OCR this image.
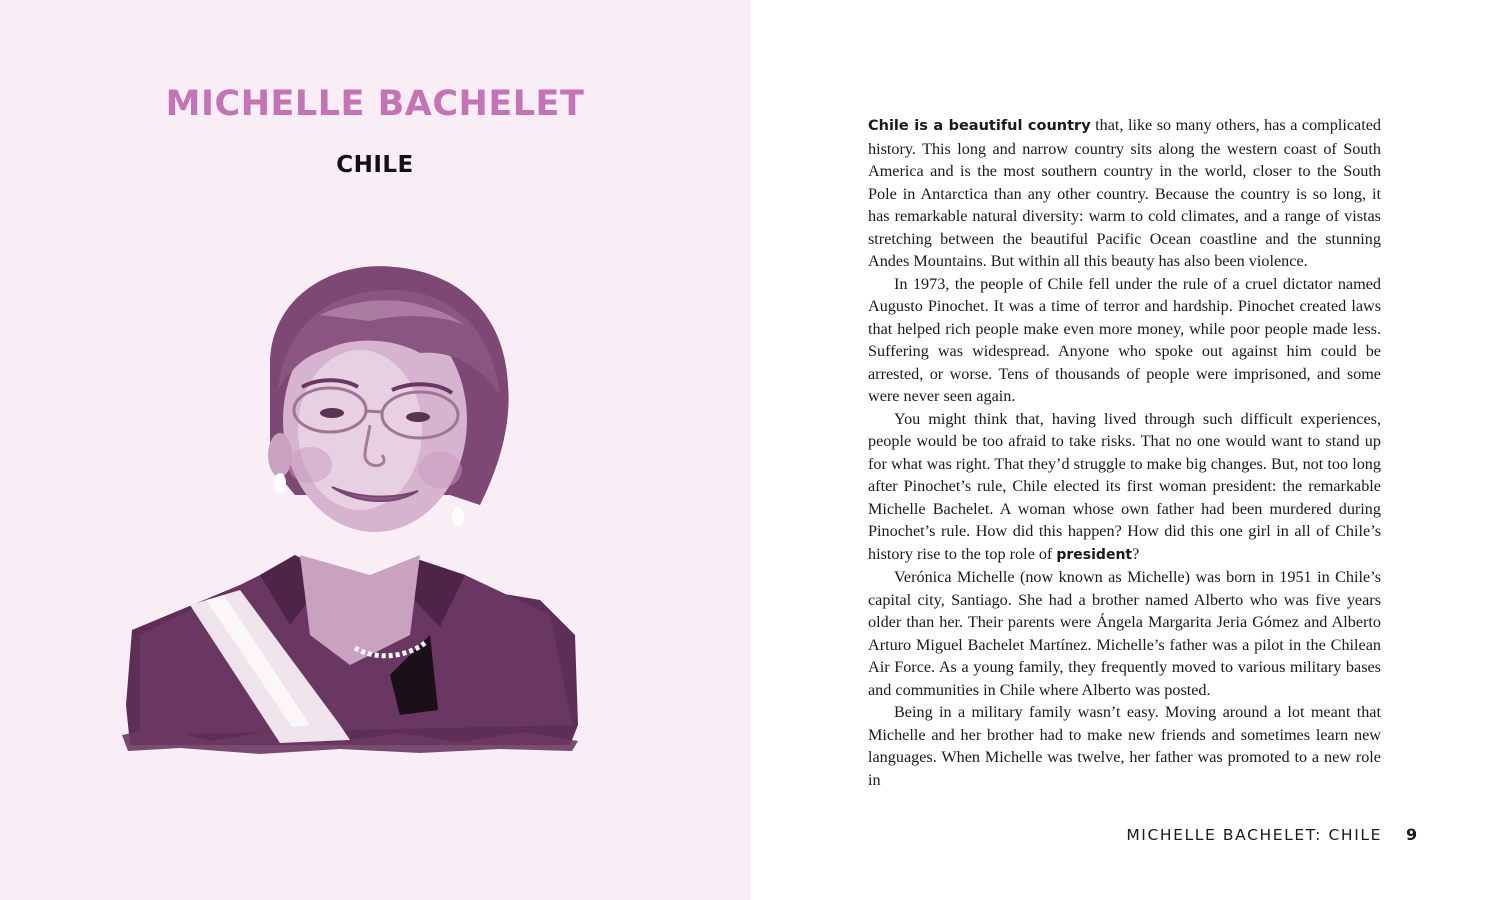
MICHELLE BACHELET
CHILE

Chile is a beautiful country that, like so many others, has a complicated history. This long and narrow country sits along the western coast of South America and is the most southern country in the world, closer to the South Pole in Antarctica than any other country. Because the country is so long, it has remarkable natural diversity: warm to cold climates, and a range of vistas stretching between the beautiful Pacific Ocean coastline and the stunning Andes Mountains. But within all this beauty has also been violence.

In 1973, the people of Chile fell under the rule of a cruel dictator named Augusto Pinochet. It was a time of terror and hardship. Pinochet created laws that helped rich people make even more money, while poor people made less. Suffering was widespread. Anyone who spoke out against him could be arrested, or worse. Tens of thousands of people were imprisoned, and some were never seen again.

You might think that, having lived through such difficult experiences, people would be too afraid to take risks. That no one would want to stand up for what was right. That they’d struggle to make big changes. But, not too long after Pinochet’s rule, Chile elected its first woman president: the remarkable Michelle Bachelet. A woman whose own father had been murdered during Pinochet’s rule. How did this happen? How did this one girl in all of Chile’s history rise to the top role of president?

Verónica Michelle (now known as Michelle) was born in 1951 in Chile’s capital city, Santiago. She had a brother named Alberto who was five years older than her. Their parents were Ángela Margarita Jeria Gómez and Alberto Arturo Miguel Bachelet Martínez. Michelle’s father was a pilot in the Chilean Air Force. As a young family, they frequently moved to various military bases and communities in Chile where Alberto was posted.

Being in a military family wasn’t easy. Moving around a lot meant that Michelle and her brother had to make new friends and sometimes learn new languages. When Michelle was twelve, her father was promoted to a new role in

MICHELLE BACHELET: CHILE 9
